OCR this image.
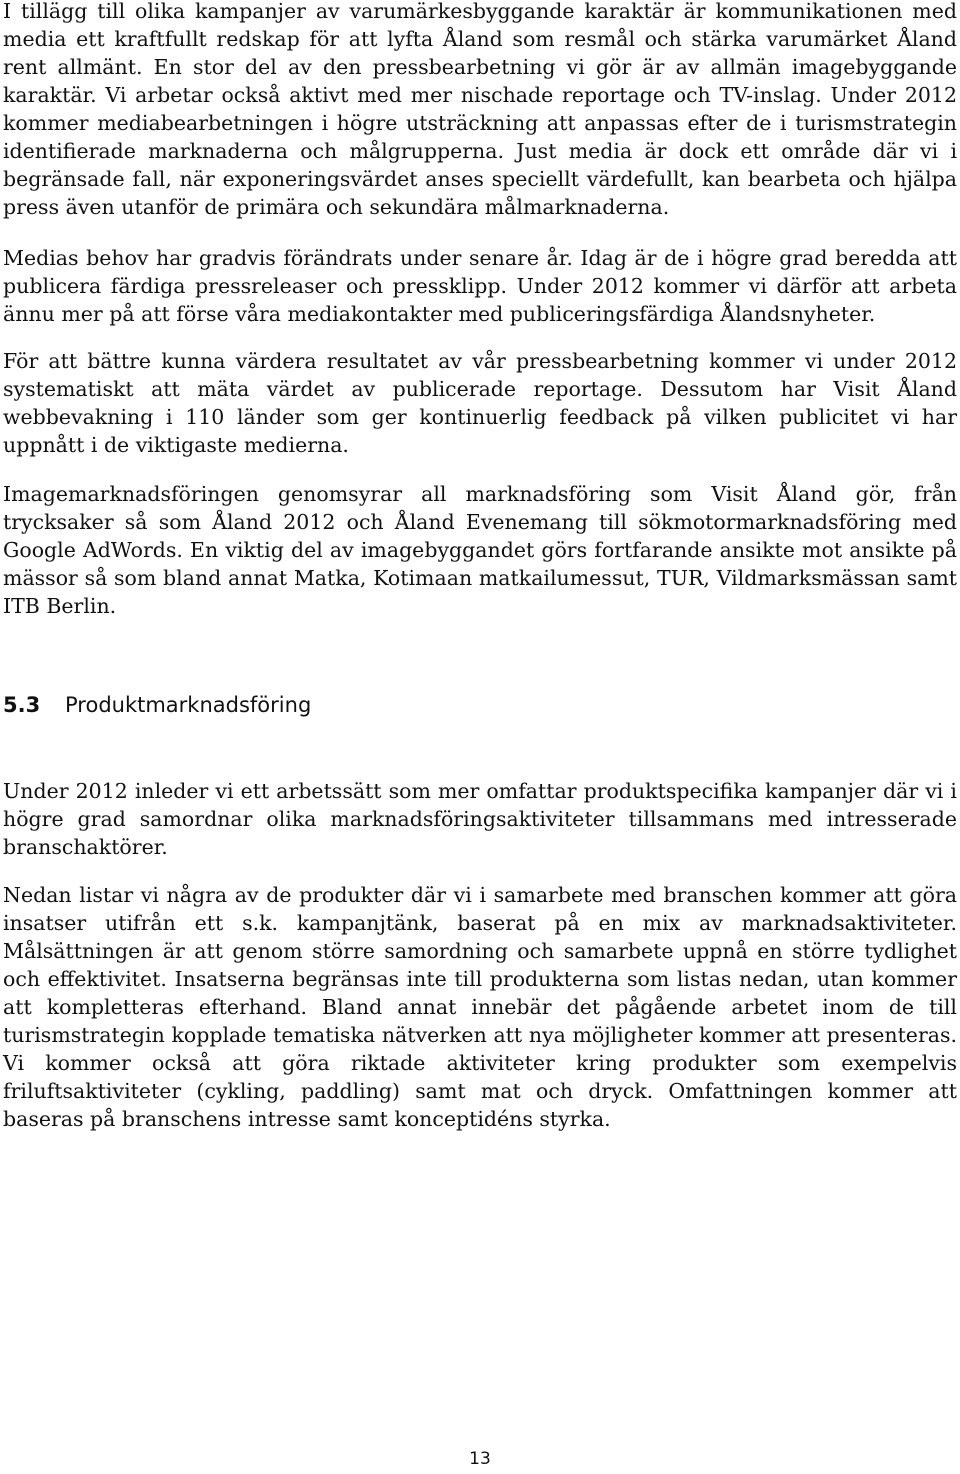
I tillägg till olika kampanjer av varumärkesbyggande karaktär är kommunikationen med media ett kraftfullt redskap för att lyfta Åland som resmål och stärka varumärket Åland rent allmänt. En stor del av den pressbearbetning vi gör är av allmän imagebyggande karaktär. Vi arbetar också aktivt med mer nischade reportage och TV-inslag. Under 2012 kommer mediabearbetningen i högre utsträckning att anpassas efter de i turismstrategin identifierade marknaderna och målgrupperna. Just media är dock ett område där vi i begränsade fall, när exponeringsvärdet anses speciellt värdefullt, kan bearbeta och hjälpa press även utanför de primära och sekundära målmarknaderna.

Medias behov har gradvis förändrats under senare år. Idag är de i högre grad beredda att publicera färdiga pressreleaser och pressklipp. Under 2012 kommer vi därför att arbeta ännu mer på att förse våra mediakontakter med publiceringsfärdiga Ålandsnyheter.

För att bättre kunna värdera resultatet av vår pressbearbetning kommer vi under 2012 systematiskt att mäta värdet av publicerade reportage. Dessutom har Visit Åland webbevakning i 110 länder som ger kontinuerlig feedback på vilken publicitet vi har uppnått i de viktigaste medierna.

Imagemarknadsföringen genomsyrar all marknadsföring som Visit Åland gör, från trycksaker så som Åland 2012 och Åland Evenemang till sökmotormarknadsföring med Google AdWords. En viktig del av imagebyggandet görs fortfarande ansikte mot ansikte på mässor så som bland annat Matka, Kotimaan matkailumessut, TUR, Vildmarksmässan samt ITB Berlin.

5.3 Produktmarknadsföring

Under 2012 inleder vi ett arbetssätt som mer omfattar produktspecifika kampanjer där vi i högre grad samordnar olika marknadsföringsaktiviteter tillsammans med intresserade branschaktörer.

Nedan listar vi några av de produkter där vi i samarbete med branschen kommer att göra insatser utifrån ett s.k. kampanjtänk, baserat på en mix av marknadsaktiviteter. Målsättningen är att genom större samordning och samarbete uppnå en större tydlighet och effektivitet. Insatserna begränsas inte till produkterna som listas nedan, utan kommer att kompletteras efterhand. Bland annat innebär det pågående arbetet inom de till turismstrategin kopplade tematiska nätverken att nya möjligheter kommer att presenteras. Vi kommer också att göra riktade aktiviteter kring produkter som exempelvis friluftsaktiviteter (cykling, paddling) samt mat och dryck. Omfattningen kommer att baseras på branschens intresse samt konceptidéns styrka.

13
